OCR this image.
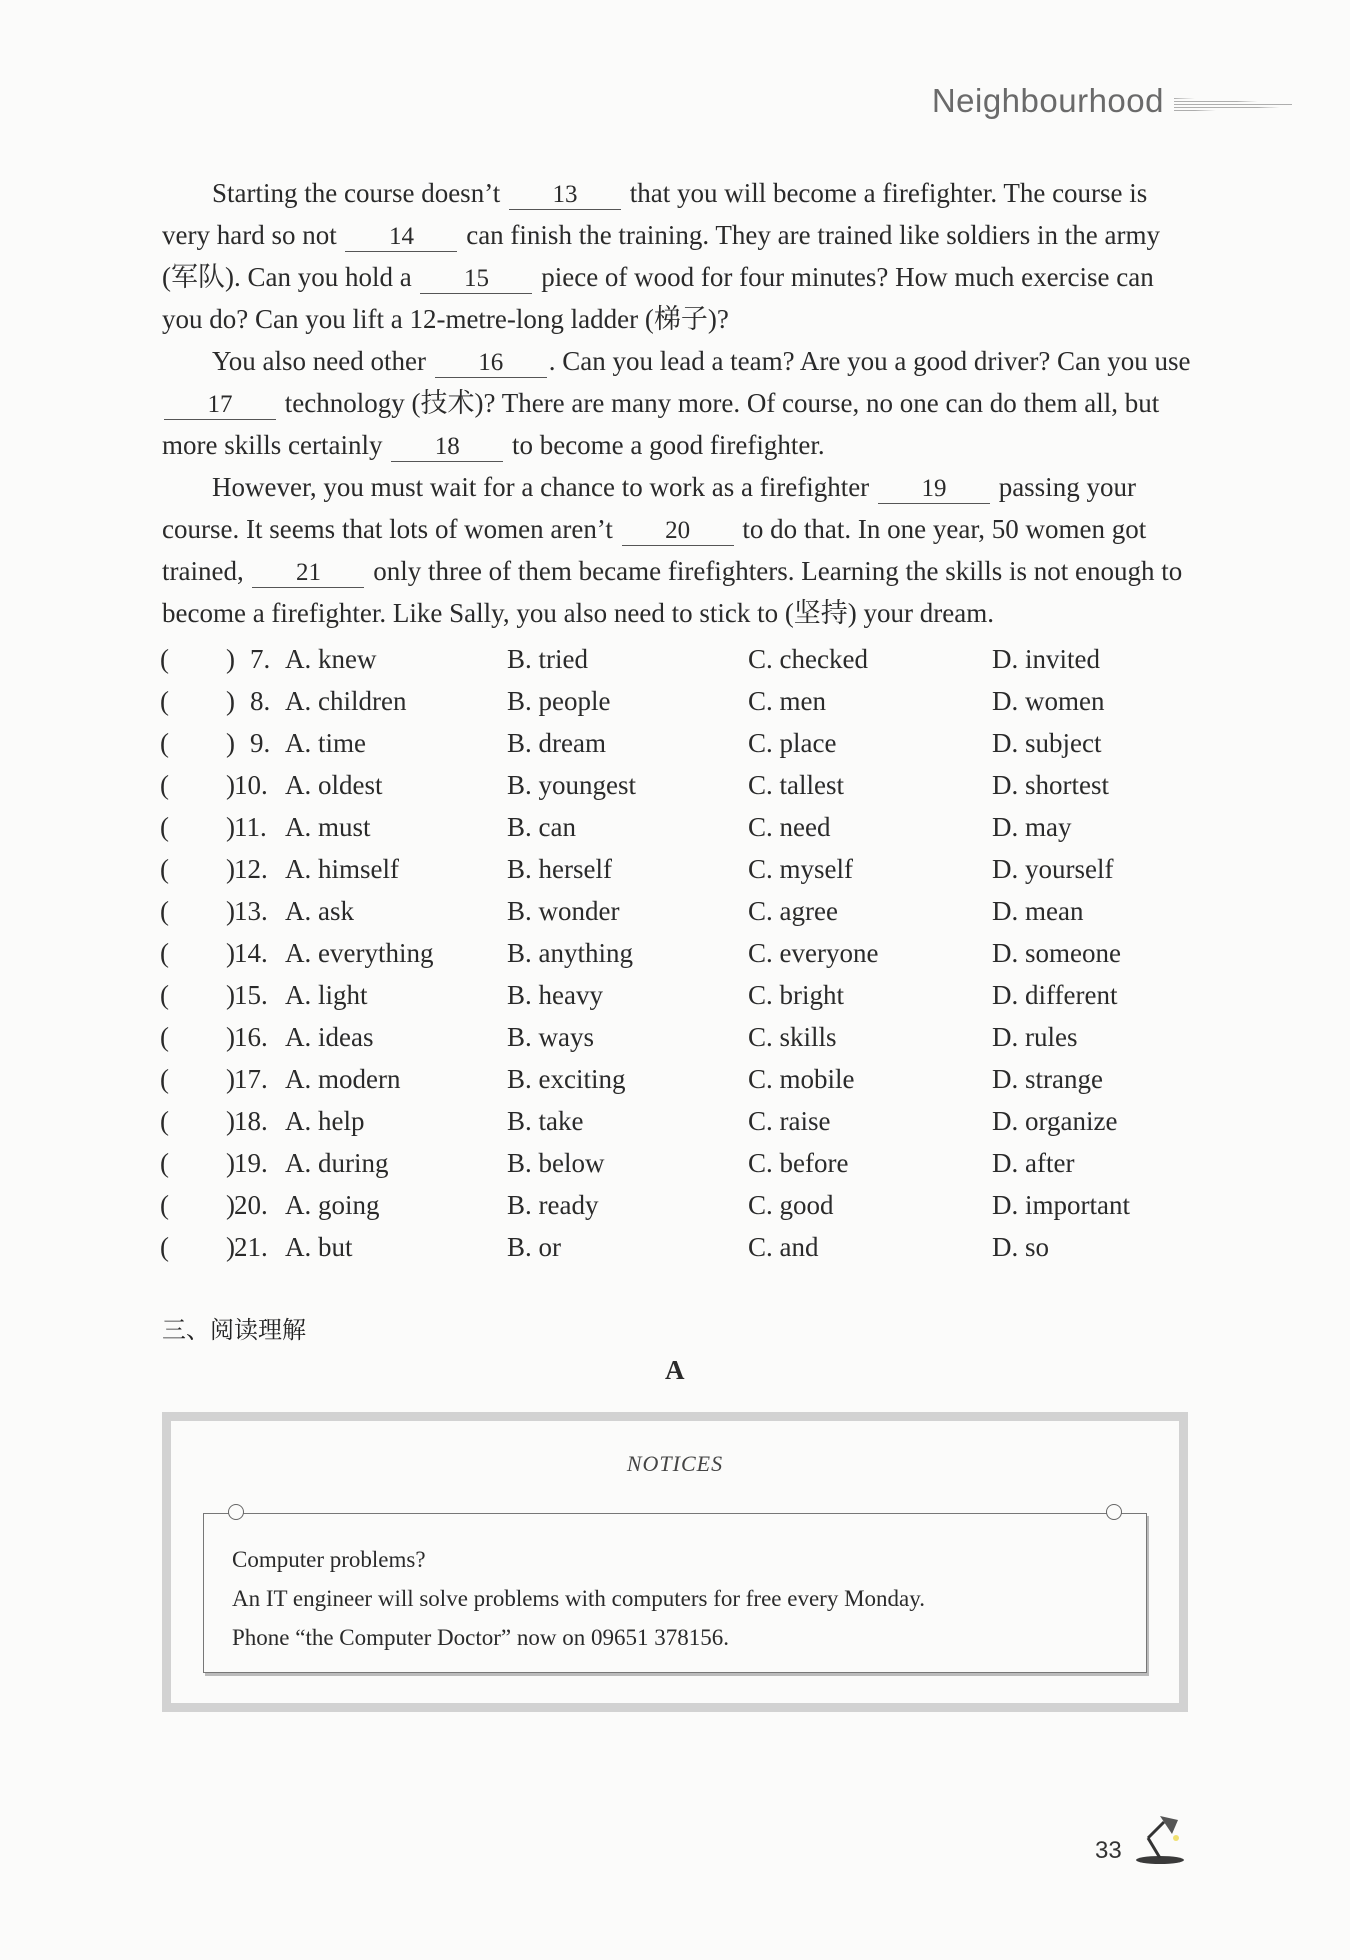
Neighbourhood

Starting the course doesn’t 13 that you will become a firefighter. The course is very hard so not 14 can finish the training. They are trained like soldiers in the army (军队). Can you hold a 15 piece of wood for four minutes? How much exercise can you do? Can you lift a 12-metre-long ladder (梯子)?

You also need other 16 . Can you lead a team? Are you a good driver? Can you use 17 technology (技术)? There are many more. Of course, no one can do them all, but more skills certainly 18 to become a good firefighter.

However, you must wait for a chance to work as a firefighter 19 passing your course. It seems that lots of women aren’t 20 to do that. In one year, 50 women got trained, 21 only three of them became firefighters. Learning the skills is not enough to become a firefighter. Like Sally, you also need to stick to (坚持) your dream.

( ) 7. A. knew	B. tried	C. checked	D. invited
( ) 8. A. children	B. people	C. men	D. women
( ) 9. A. time	B. dream	C. place	D. subject
( ) 10. A. oldest	B. youngest	C. tallest	D. shortest
( ) 11. A. must	B. can	C. need	D. may
( ) 12. A. himself	B. herself	C. myself	D. yourself
( ) 13. A. ask	B. wonder	C. agree	D. mean
( ) 14. A. everything	B. anything	C. everyone	D. someone
( ) 15. A. light	B. heavy	C. bright	D. different
( ) 16. A. ideas	B. ways	C. skills	D. rules
( ) 17. A. modern	B. exciting	C. mobile	D. strange
( ) 18. A. help	B. take	C. raise	D. organize
( ) 19. A. during	B. below	C. before	D. after
( ) 20. A. going	B. ready	C. good	D. important
( ) 21. A. but	B. or	C. and	D. so
三、阅读理解
A
NOTICES
Computer problems?
An IT engineer will solve problems with computers for free every Monday.
Phone “the Computer Doctor” now on 09651 378156.
33
